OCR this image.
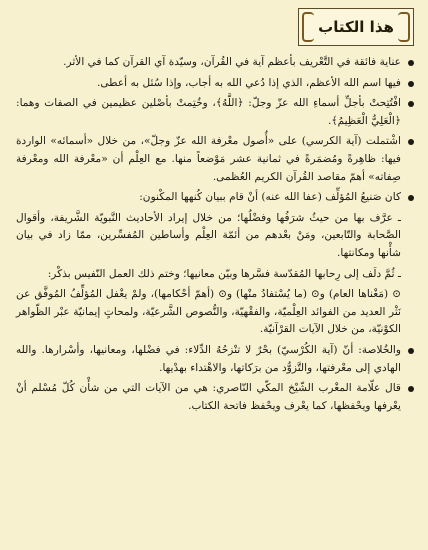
هذا الكتاب

عناية فائقة في التَّعْريف بأعظم آية في القُرآن، وسيّدة آي القرآن كما في الأثر.

فيها اسم الله الأعظم، الذي إذا دُعي الله به أجاب، وإذا سُئل به أعطى.

افْتُتِحتْ بأجلِّ أسماءِ الله عزّ وجلّ: ﴿اللَّهُ﴾، وخُتِمتْ بأصْلين عظيمين في الصفات وهما: ﴿الْعَلِيُّ الْعَظِيمُ﴾.

اشْتملت (آية الكرسي) على «أُصول معْرفة الله عزّ وجلّ»، من خلال «أسمائه» الواردة فيها: ظاهِرةً ومُضمَرةً في ثمانية عشر مَوْضعاً منها. مع العِلْم أن «معْرفة الله ومعْرفة صِفاته» أهمّ مقاصد القُرآن الكريم العُظمى.

كان صَنيعُ المُؤلِّف (عفا الله عنه) أنْ قام ببيان كُنهها المكْنون:

ـ عرَّف بها من حيثُ شرَفُها وفضْلُها؛ من خلال إيراد الأحاديث النَّبويّة الشَّريفة، وأقوال الصَّحابة والتّابعين، ومَنْ بعْدهم من أئمّة العِلْم وأساطين المُفسِّرين، ممّا زاد في بيان شأْنها ومكانتها.

ـ ثُمَّ دلَف إلى رِحابها المُقدّسة فسَّرها وبيّن معانيها؛ وختم ذلك العمل النّفيس بذكْر:

⊙ (مَغْناها العام) و⊙ (ما يُسْتفادُ منْها) و⊙ (أهمّ أحْكامها)، ولمْ يغْفل المُؤلِّفُ المُوفَّق عن نَثْر العديد من الفوائد العِلْميّة، والفقْهيّة، والنُّصوص الشَّرعيّة، ولمحاتٍ إيمانيّة عبْر الظّواهر الكوْنيّة، من خلال الآيات القرْآنيّة.

والخُلاصة: أنّ (آية الكُرْسيّ) بحْرٌ لا تنْزحُهُ الدِّلاء: في فضْلها، ومعانيها، وأسْرارها. والله الهادي إلى معْرفتها، والتَّزوُّد من برَكاتها، والاهْتداء بهدْيها.

قال علّامة المغْرب الشّيْخ المكّي النّاصري: هي من الآيات التي من شأْن كُلّ مُسْلم أنْ يعْرفها ويحْفظها، كما يعْرف ويحْفظ فاتحة الكتاب.
